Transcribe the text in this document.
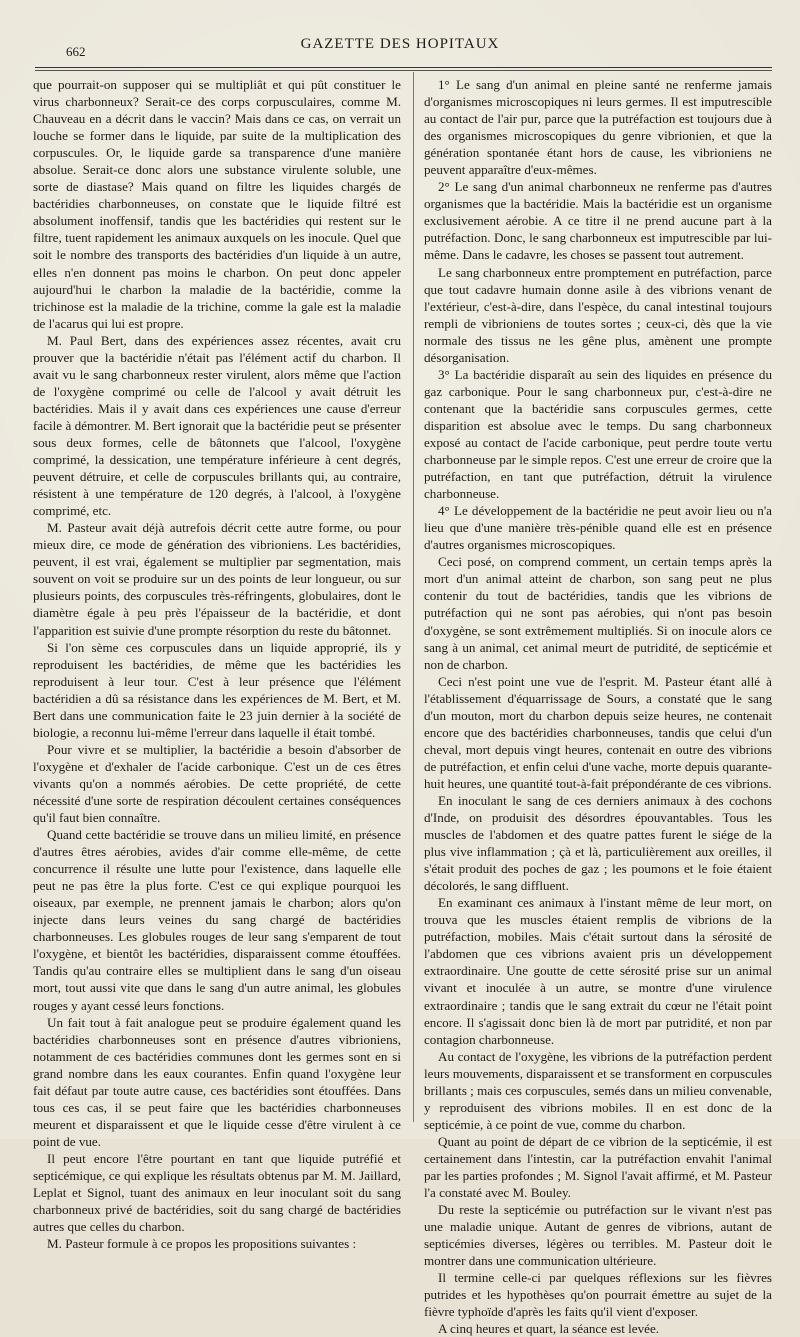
662	GAZETTE DES HOPITAUX

que pourrait-on supposer qui se multipliât et qui pût constituer le virus charbonneux? Serait-ce des corps corpusculaires, comme M. Chauveau en a décrit dans le vaccin? Mais dans ce cas, on verrait un louche se former dans le liquide, par suite de la multiplication des corpuscules. Or, le liquide garde sa transparence d'une manière absolue. Serait-ce donc alors une substance virulente soluble, une sorte de diastase? Mais quand on filtre les liquides chargés de bactéridies charbonneuses, on constate que le liquide filtré est absolument inoffensif, tandis que les bactéridies qui restent sur le filtre, tuent rapidement les animaux auxquels on les inocule. Quel que soit le nombre des transports des bactéridies d'un liquide à un autre, elles n'en donnent pas moins le charbon. On peut donc appeler aujourd'hui le charbon la maladie de la bactéridie, comme la trichinose est la maladie de la trichine, comme la gale est la maladie de l'acarus qui lui est propre.

M. Paul Bert, dans des expériences assez récentes, avait cru prouver que la bactéridie n'était pas l'élément actif du charbon. Il avait vu le sang charbonneux rester virulent, alors même que l'action de l'oxygène comprimé ou celle de l'alcool y avait détruit les bactéridies. Mais il y avait dans ces expériences une cause d'erreur facile à démontrer. M. Bert ignorait que la bactéridie peut se présenter sous deux formes, celle de bâtonnets que l'alcool, l'oxygène comprimé, la dessication, une température inférieure à cent degrés, peuvent détruire, et celle de corpuscules brillants qui, au contraire, résistent à une température de 120 degrés, à l'alcool, à l'oxygène comprimé, etc.

M. Pasteur avait déjà autrefois décrit cette autre forme, ou pour mieux dire, ce mode de génération des vibrioniens. Les bactéridies, peuvent, il est vrai, également se multiplier par segmentation, mais souvent on voit se produire sur un des points de leur longueur, ou sur plusieurs points, des corpuscules très-réfringents, globulaires, dont le diamètre égale à peu près l'épaisseur de la bactéridie, et dont l'apparition est suivie d'une prompte résorption du reste du bâtonnet.

Si l'on sème ces corpuscules dans un liquide approprié, ils y reproduisent les bactéridies, de même que les bactéridies les reproduisent à leur tour. C'est à leur présence que l'élément bactéridien a dû sa résistance dans les expériences de M. Bert, et M. Bert dans une communication faite le 23 juin dernier à la société de biologie, a reconnu lui-même l'erreur dans laquelle il était tombé.

Pour vivre et se multiplier, la bactéridie a besoin d'absorber de l'oxygène et d'exhaler de l'acide carbonique. C'est un de ces êtres vivants qu'on a nommés aérobies. De cette propriété, de cette nécessité d'une sorte de respiration découlent certaines conséquences qu'il faut bien connaître.

Quand cette bactéridie se trouve dans un milieu limité, en présence d'autres êtres aérobies, avides d'air comme elle-même, de cette concurrence il résulte une lutte pour l'existence, dans laquelle elle peut ne pas être la plus forte. C'est ce qui explique pourquoi les oiseaux, par exemple, ne prennent jamais le charbon; alors qu'on injecte dans leurs veines du sang chargé de bactéridies charbonneuses. Les globules rouges de leur sang s'emparent de tout l'oxygène, et bientôt les bactéridies, disparaissent comme étouffées. Tandis qu'au contraire elles se multiplient dans le sang d'un oiseau mort, tout aussi vite que dans le sang d'un autre animal, les globules rouges y ayant cessé leurs fonctions.

Un fait tout à fait analogue peut se produire également quand les bactéridies charbonneuses sont en présence d'autres vibrioniens, notamment de ces bactéridies communes dont les germes sont en si grand nombre dans les eaux courantes. Enfin quand l'oxygène leur fait défaut par toute autre cause, ces bactéridies sont étouffées. Dans tous ces cas, il se peut faire que les bactéridies charbonneuses meurent et disparaissent et que le liquide cesse d'être virulent à ce point de vue.

Il peut encore l'être pourtant en tant que liquide putréfié et septicémique, ce qui explique les résultats obtenus par M. M. Jaillard, Leplat et Signol, tuant des animaux en leur inoculant soit du sang charbonneux privé de bactéridies, soit du sang chargé de bactéridies autres que celles du charbon.

M. Pasteur formule à ce propos les propositions suivantes :

1° Le sang d'un animal en pleine santé ne renferme jamais d'organismes microscopiques ni leurs germes. Il est imputrescible au contact de l'air pur, parce que la putréfaction est toujours due à des organismes microscopiques du genre vibrionien, et que la génération spontanée étant hors de cause, les vibrioniens ne peuvent apparaître d'eux-mêmes.

2° Le sang d'un animal charbonneux ne renferme pas d'autres organismes que la bactéridie. Mais la bactéridie est un organisme exclusivement aérobie. A ce titre il ne prend aucune part à la putréfaction. Donc, le sang charbonneux est imputrescible par lui-même. Dans le cadavre, les choses se passent tout autrement.

Le sang charbonneux entre promptement en putréfaction, parce que tout cadavre humain donne asile à des vibrions venant de l'extérieur, c'est-à-dire, dans l'espèce, du canal intestinal toujours rempli de vibrioniens de toutes sortes ; ceux-ci, dès que la vie normale des tissus ne les gêne plus, amènent une prompte désorganisation.

3° La bactéridie disparaît au sein des liquides en présence du gaz carbonique. Pour le sang charbonneux pur, c'est-à-dire ne contenant que la bactéridie sans corpuscules germes, cette disparition est absolue avec le temps. Du sang charbonneux exposé au contact de l'acide carbonique, peut perdre toute vertu charbonneuse par le simple repos. C'est une erreur de croire que la putréfaction, en tant que putréfaction, détruit la virulence charbonneuse.

4° Le développement de la bactéridie ne peut avoir lieu ou n'a lieu que d'une manière très-pénible quand elle est en présence d'autres organismes microscopiques.

Ceci posé, on comprend comment, un certain temps après la mort d'un animal atteint de charbon, son sang peut ne plus contenir du tout de bactéridies, tandis que les vibrions de putréfaction qui ne sont pas aérobies, qui n'ont pas besoin d'oxygène, se sont extrêmement multipliés. Si on inocule alors ce sang à un animal, cet animal meurt de putridité, de septicémie et non de charbon.

Ceci n'est point une vue de l'esprit. M. Pasteur étant allé à l'établissement d'équarrissage de Sours, a constaté que le sang d'un mouton, mort du charbon depuis seize heures, ne contenait encore que des bactéridies charbonneuses, tandis que celui d'un cheval, mort depuis vingt heures, contenait en outre des vibrions de putréfaction, et enfin celui d'une vache, morte depuis quarante-huit heures, une quantité tout-à-fait prépondérante de ces vibrions.

En inoculant le sang de ces derniers animaux à des cochons d'Inde, on produisit des désordres épouvantables. Tous les muscles de l'abdomen et des quatre pattes furent le siége de la plus vive inflammation ; çà et là, particulièrement aux oreilles, il s'était produit des poches de gaz ; les poumons et le foie étaient décolorés, le sang diffluent.

En examinant ces animaux à l'instant même de leur mort, on trouva que les muscles étaient remplis de vibrions de la putréfaction, mobiles. Mais c'était surtout dans la sérosité de l'abdomen que ces vibrions avaient pris un développement extraordinaire. Une goutte de cette sérosité prise sur un animal vivant et inoculée à un autre, se montre d'une virulence extraordinaire ; tandis que le sang extrait du cœur ne l'était point encore. Il s'agissait donc bien là de mort par putridité, et non par contagion charbonneuse.

Au contact de l'oxygène, les vibrions de la putréfaction perdent leurs mouvements, disparaissent et se transforment en corpuscules brillants ; mais ces corpuscules, semés dans un milieu convenable, y reproduisent des vibrions mobiles. Il en est donc de la septicémie, à ce point de vue, comme du charbon.

Quant au point de départ de ce vibrion de la septicémie, il est certainement dans l'intestin, car la putréfaction envahit l'animal par les parties profondes ; M. Signol l'avait affirmé, et M. Pasteur l'a constaté avec M. Bouley.

Du reste la septicémie ou putréfaction sur le vivant n'est pas une maladie unique. Autant de genres de vibrions, autant de septicémies diverses, légères ou terribles. M. Pasteur doit le montrer dans une communication ultérieure.

Il termine celle-ci par quelques réflexions sur les fièvres putrides et les hypothèses qu'on pourrait émettre au sujet de la fièvre typhoïde d'après les faits qu'il vient d'exposer.

A cinq heures et quart, la séance est levée.
